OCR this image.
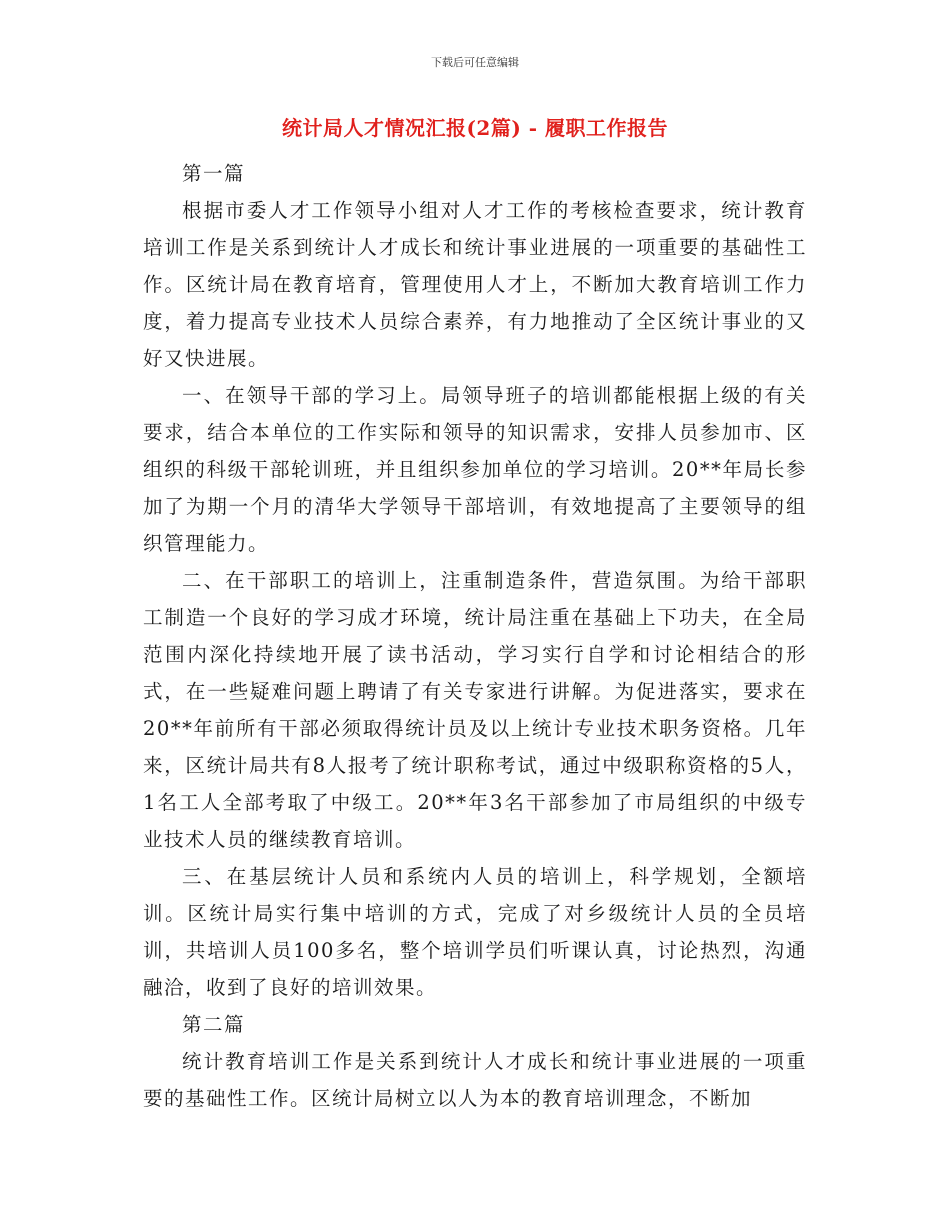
下载后可任意编辑
统计局人才情况汇报(2篇) - 履职工作报告

第一篇

根据市委人才工作领导小组对人才工作的考核检查要求，统计教育培训工作是关系到统计人才成长和统计事业进展的一项重要的基础性工作。区统计局在教育培育，管理使用人才上，不断加大教育培训工作力度，着力提高专业技术人员综合素养，有力地推动了全区统计事业的又好又快进展。

一、在领导干部的学习上。局领导班子的培训都能根据上级的有关要求，结合本单位的工作实际和领导的知识需求，安排人员参加市、区组织的科级干部轮训班，并且组织参加单位的学习培训。20**年局长参加了为期一个月的清华大学领导干部培训，有效地提高了主要领导的组织管理能力。

二、在干部职工的培训上，注重制造条件，营造氛围。为给干部职工制造一个良好的学习成才环境，统计局注重在基础上下功夫，在全局范围内深化持续地开展了读书活动，学习实行自学和讨论相结合的形式，在一些疑难问题上聘请了有关专家进行讲解。为促进落实，要求在20**年前所有干部必须取得统计员及以上统计专业技术职务资格。几年来，区统计局共有8人报考了统计职称考试，通过中级职称资格的5人，1名工人全部考取了中级工。20**年3名干部参加了市局组织的中级专业技术人员的继续教育培训。

三、在基层统计人员和系统内人员的培训上，科学规划，全额培训。区统计局实行集中培训的方式，完成了对乡级统计人员的全员培训，共培训人员100多名，整个培训学员们听课认真，讨论热烈，沟通融洽，收到了良好的培训效果。

第二篇

统计教育培训工作是关系到统计人才成长和统计事业进展的一项重要的基础性工作。区统计局树立以人为本的教育培训理念，不断加
